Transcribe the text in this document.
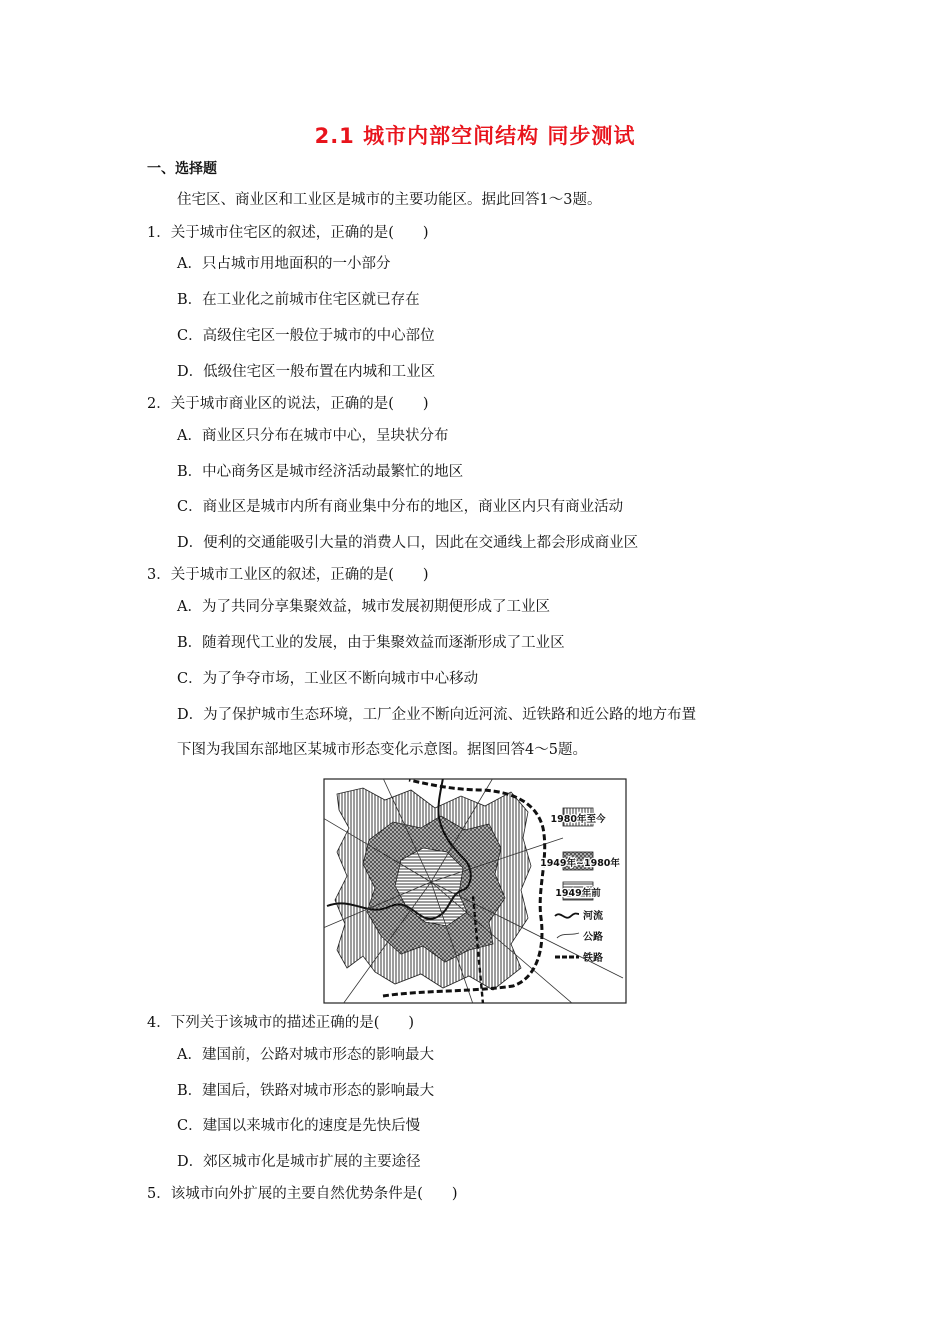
2.1 城市内部空间结构 同步测试
一、选择题
住宅区、商业区和工业区是城市的主要功能区。据此回答1～3题。
1．关于城市住宅区的叙述，正确的是(　　)
A．只占城市用地面积的一小部分
B．在工业化之前城市住宅区就已存在
C．高级住宅区一般位于城市的中心部位
D．低级住宅区一般布置在内城和工业区
2．关于城市商业区的说法，正确的是(　　)
A．商业区只分布在城市中心，呈块状分布
B．中心商务区是城市经济活动最繁忙的地区
C．商业区是城市内所有商业集中分布的地区，商业区内只有商业活动
D．便利的交通能吸引大量的消费人口，因此在交通线上都会形成商业区
3．关于城市工业区的叙述，正确的是(　　)
A．为了共同分享集聚效益，城市发展初期便形成了工业区
B．随着现代工业的发展，由于集聚效益而逐渐形成了工业区
C．为了争夺市场，工业区不断向城市中心移动
D．为了保护城市生态环境，工厂企业不断向近河流、近铁路和近公路的地方布置
下图为我国东部地区某城市形态变化示意图。据图回答4～5题。
1980年至今
1949年~1980年
1949年前
河流
公路
铁路
4．下列关于该城市的描述正确的是(　　)
A．建国前，公路对城市形态的影响最大
B．建国后，铁路对城市形态的影响最大
C．建国以来城市化的速度是先快后慢
D．郊区城市化是城市扩展的主要途径
5．该城市向外扩展的主要自然优势条件是(　　)
